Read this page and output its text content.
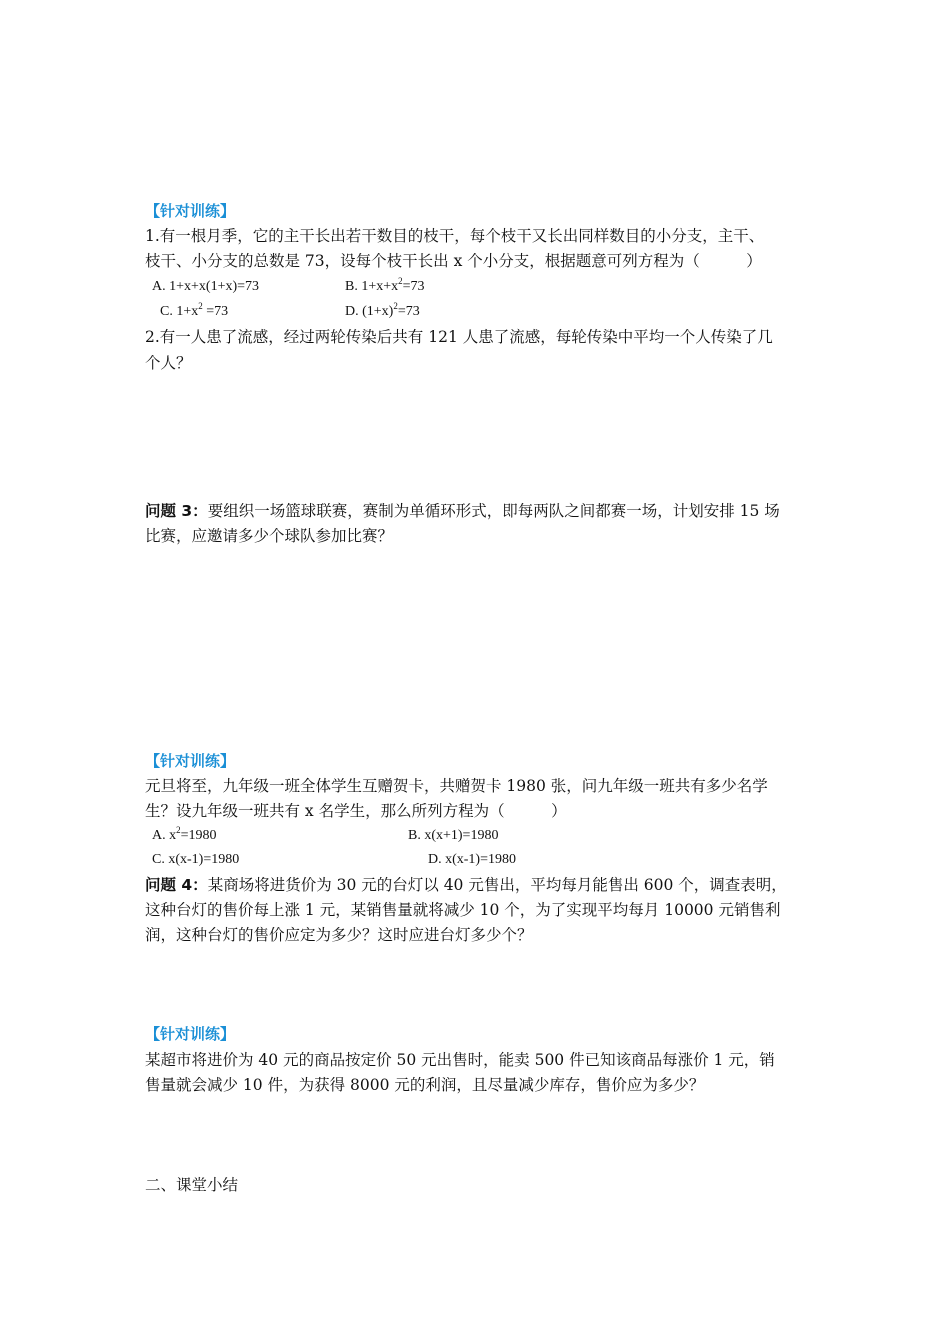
【针对训练】
1.有一根月季，它的主干长出若干数目的枝干，每个枝干又长出同样数目的小分支，主干、
枝干、小分支的总数是 73，设每个枝干长出 x 个小分支，根据题意可列方程为（　　　）
A. 1+x+x(1+x)=73	B. $1+x+x^2=73$
C. $1+x^2 =73$	D. $(1+x)^2=73$
2.有一人患了流感，经过两轮传染后共有 121 人患了流感，每轮传染中平均一个人传染了几
个人？
问题 3：要组织一场篮球联赛，赛制为单循环形式，即每两队之间都赛一场，计划安排 15 场
比赛，应邀请多少个球队参加比赛？
【针对训练】
元旦将至，九年级一班全体学生互赠贺卡，共赠贺卡 1980 张，问九年级一班共有多少名学
生？设九年级一班共有 x 名学生，那么所列方程为（　　　）
A. $x^2=1980$	B. x(x+1)=1980
C. x(x-1)=1980	D. x(x-1)=1980
问题 4：某商场将进货价为 30 元的台灯以 40 元售出，平均每月能售出 600 个，调查表明，
这种台灯的售价每上涨 1 元，某销售量就将减少 10 个，为了实现平均每月 10000 元销售利
润，这种台灯的售价应定为多少？这时应进台灯多少个？
【针对训练】
某超市将进价为 40 元的商品按定价 50 元出售时，能卖 500 件已知该商品每涨价 1 元，销
售量就会减少 10 件，为获得 8000 元的利润，且尽量减少库存，售价应为多少？
二、课堂小结
